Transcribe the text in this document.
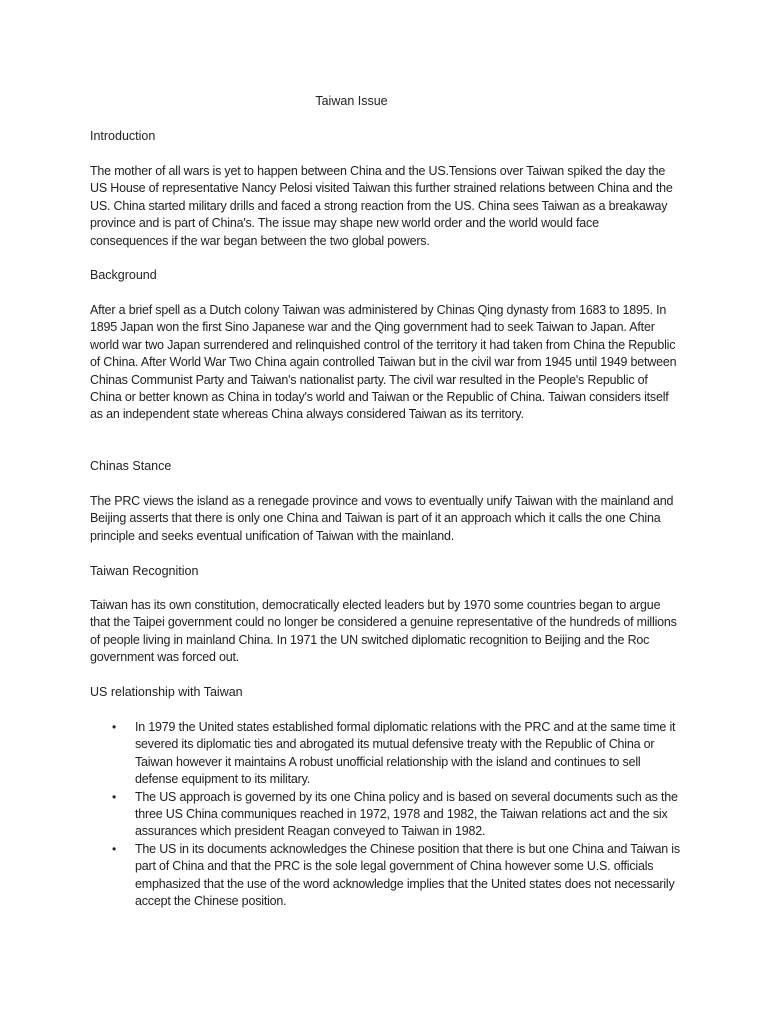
Taiwan Issue
Introduction

The mother of all wars is yet to happen between China and the US.Tensions over Taiwan spiked the day the US House of representative Nancy Pelosi visited Taiwan this further strained relations between China and the US. China started military drills and faced a strong reaction from the US. China sees Taiwan as a breakaway province and is part of China's. The issue may shape new world order and the world would face consequences if the war began between the two global powers.

Background

After a brief spell as a Dutch colony Taiwan was administered by Chinas Qing dynasty from 1683 to 1895. In 1895 Japan won the first Sino Japanese war and the Qing government had to seek Taiwan to Japan. After world war two Japan surrendered and relinquished control of the territory it had taken from China the Republic of China. After World War Two China again controlled Taiwan but in the civil war from 1945 until 1949 between Chinas Communist Party and Taiwan's nationalist party. The civil war resulted in the People's Republic of China or better known as China in today's world and Taiwan or the Republic of China. Taiwan considers itself as an independent state whereas China always considered Taiwan as its territory.

Chinas Stance

The PRC views the island as a renegade province and vows to eventually unify Taiwan with the mainland and Beijing asserts that there is only one China and Taiwan is part of it an approach which it calls the one China principle and seeks eventual unification of Taiwan with the mainland.

Taiwan Recognition

Taiwan has its own constitution, democratically elected leaders but by 1970 some countries began to argue that the Taipei government could no longer be considered a genuine representative of the hundreds of millions of people living in mainland China. In 1971 the UN switched diplomatic recognition to Beijing and the Roc government was forced out.

US relationship with Taiwan
• In 1979 the United states established formal diplomatic relations with the PRC and at the same time it severed its diplomatic ties and abrogated its mutual defensive treaty with the Republic of China or Taiwan however it maintains A robust unofficial relationship with the island and continues to sell defense equipment to its military.
• The US approach is governed by its one China policy and is based on several documents such as the three US China communiques reached in 1972, 1978 and 1982, the Taiwan relations act and the six assurances which president Reagan conveyed to Taiwan in 1982.
• The US in its documents acknowledges the Chinese position that there is but one China and Taiwan is part of China and that the PRC is the sole legal government of China however some U.S. officials emphasized that the use of the word acknowledge implies that the United states does not necessarily accept the Chinese position.
